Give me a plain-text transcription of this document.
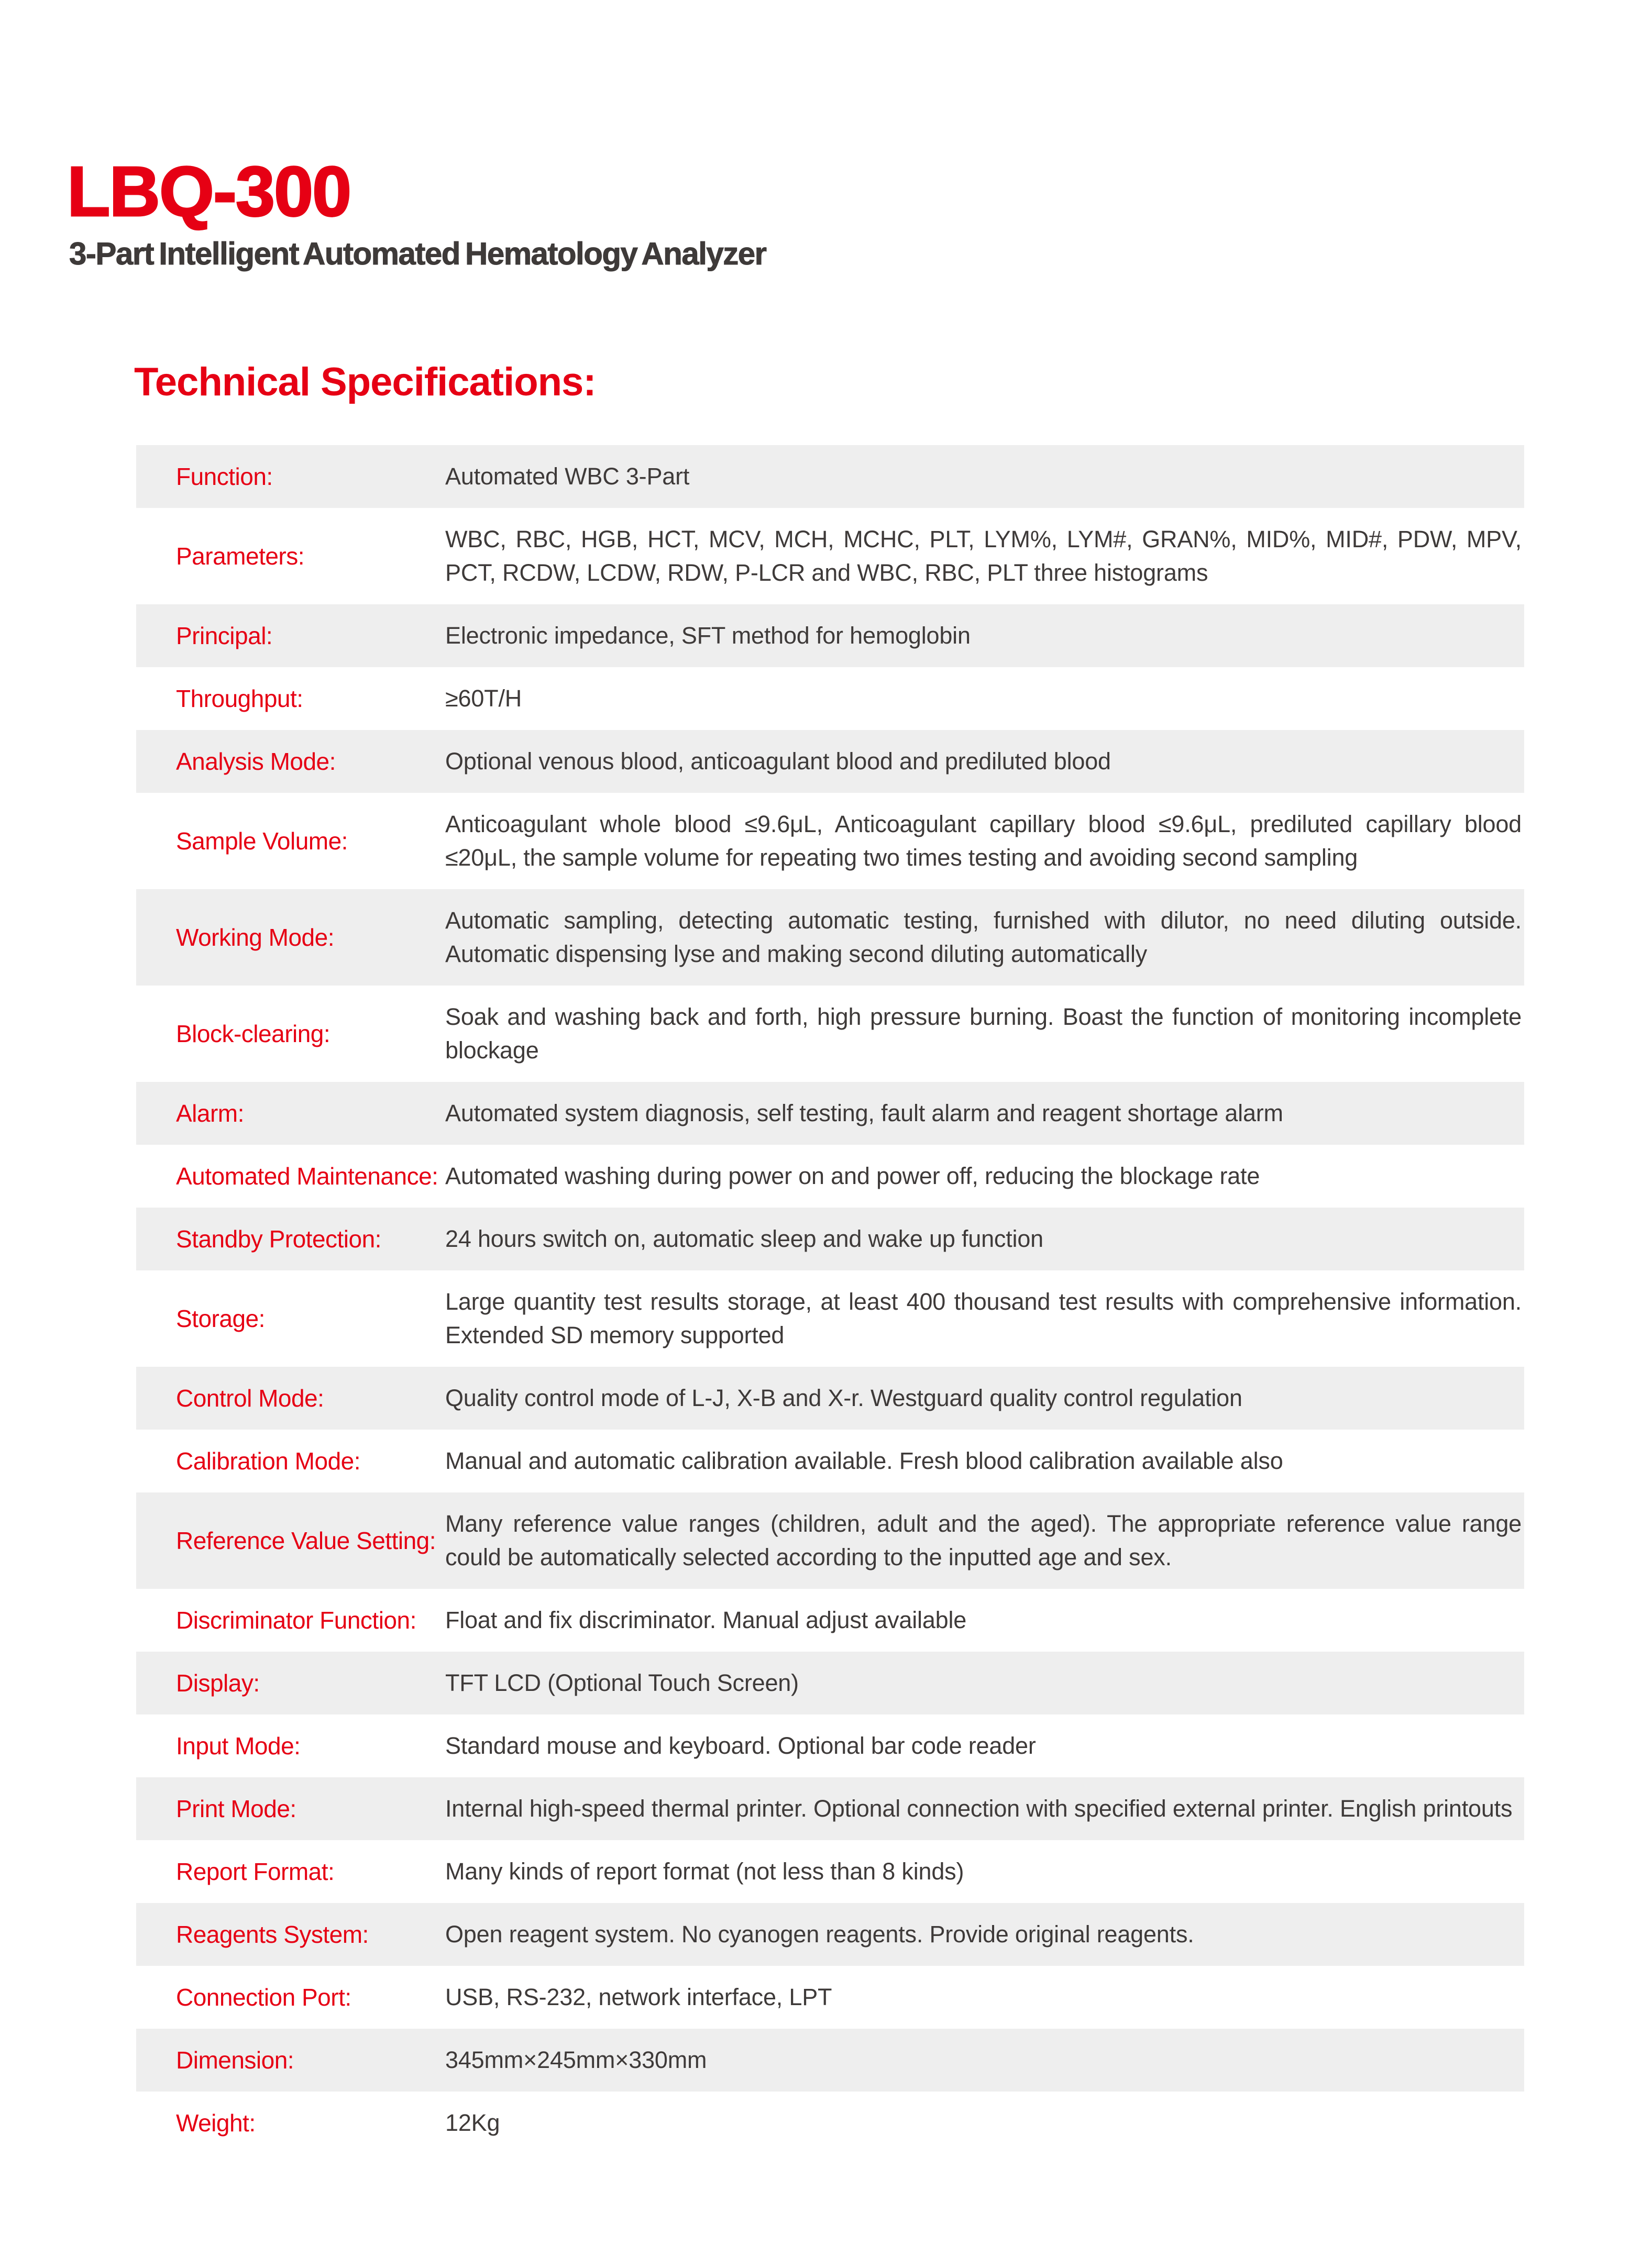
LBQ-300
3-Part Intelligent Automated Hematology Analyzer
Technical Specifications:
Function:	Automated WBC 3-Part
Parameters:
WBC, RBC, HGB, HCT, MCV, MCH, MCHC, PLT, LYM%, LYM#, GRAN%, MID%, MID#, PDW, MPV, PCT, RCDW, LCDW, RDW, P-LCR and WBC, RBC, PLT three histograms
Principal:	Electronic impedance, SFT method for hemoglobin
Throughput:	≥60T/H
Analysis Mode:	Optional venous blood, anticoagulant blood and prediluted blood
Sample Volume:
Anticoagulant whole blood ≤9.6μL, Anticoagulant capillary blood ≤9.6μL, prediluted capillary blood ≤20μL, the sample volume for repeating two times testing and avoiding second sampling
Working Mode:
Automatic sampling, detecting automatic testing, furnished with dilutor, no need diluting outside. Automatic dispensing lyse and making second diluting automatically
Block-clearing:
Soak and washing back and forth, high pressure burning. Boast the function of monitoring incomplete blockage
Alarm:	Automated system diagnosis, self testing, fault alarm and reagent shortage alarm
Automated Maintenance: Automated washing during power on and power off, reducing the blockage rate
Standby Protection:	24 hours switch on, automatic sleep and wake up function
Storage:
Large quantity test results storage, at least 400 thousand test results with comprehensive information. Extended SD memory supported
Control Mode:	Quality control mode of L-J, X-B and X-r. Westguard quality control regulation
Calibration Mode:	Manual and automatic calibration available. Fresh blood calibration available also
Reference Value Setting:
Many reference value ranges (children, adult and the aged). The appropriate reference value range could be automatically selected according to the inputted age and sex.
Discriminator Function:	Float and fix discriminator. Manual adjust available
Display:	TFT LCD (Optional Touch Screen)
Input Mode:	Standard mouse and keyboard. Optional bar code reader
Print Mode:	Internal high-speed thermal printer. Optional connection with specified external printer. English printouts
Report Format:	Many kinds of report format (not less than 8 kinds)
Reagents System:	Open reagent system. No cyanogen reagents. Provide original reagents.
Connection Port:	USB, RS-232, network interface, LPT
Dimension:	345mm×245mm×330mm
Weight:	12Kg
